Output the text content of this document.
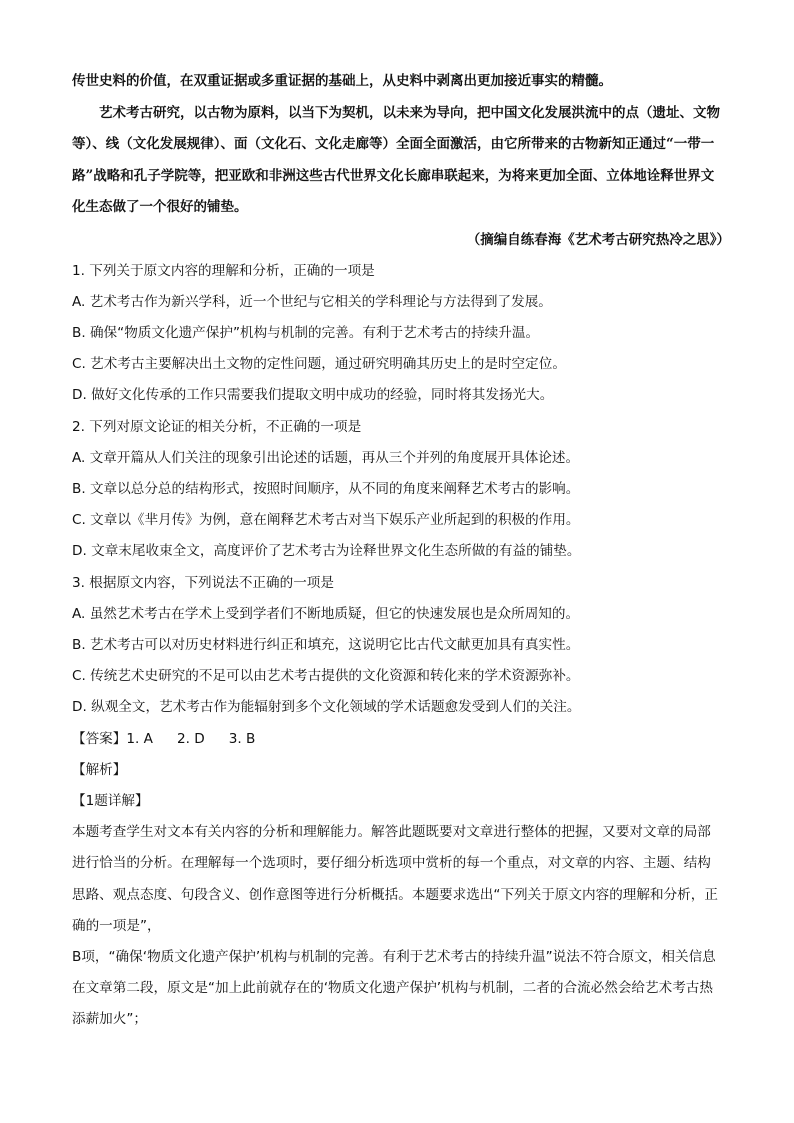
传世史料的价值，在双重证据或多重证据的基础上，从史料中剥离出更加接近事实的精髓。

艺术考古研究，以古物为原料，以当下为契机，以未来为导向，把中国文化发展洪流中的点（遗址、文物等）、线（文化发展规律）、面（文化石、文化走廊等）全面全面激活，由它所带来的古物新知正通过“一带一路”战略和孔子学院等，把亚欧和非洲这些古代世界文化长廊串联起来，为将来更加全面、立体地诠释世界文化生态做了一个很好的铺垫。

（摘编自练春海《艺术考古研究热冷之思》）

1. 下列关于原文内容的理解和分析，正确的一项是

A. 艺术考古作为新兴学科，近一个世纪与它相关的学科理论与方法得到了发展。

B. 确保“物质文化遗产保护”机构与机制的完善。有利于艺术考古的持续升温。

C. 艺术考古主要解决出土文物的定性问题，通过研究明确其历史上的是时空定位。

D. 做好文化传承的工作只需要我们提取文明中成功的经验，同时将其发扬光大。

2. 下列对原文论证的相关分析，不正确的一项是

A. 文章开篇从人们关注的现象引出论述的话题，再从三个并列的角度展开具体论述。

B. 文章以总分总的结构形式，按照时间顺序，从不同的角度来阐释艺术考古的影响。

C. 文章以《芈月传》为例，意在阐释艺术考古对当下娱乐产业所起到的积极的作用。

D. 文章末尾收束全文，高度评价了艺术考古为诠释世界文化生态所做的有益的铺垫。

3. 根据原文内容，下列说法不正确的一项是

A. 虽然艺术考古在学术上受到学者们不断地质疑，但它的快速发展也是众所周知的。

B. 艺术考古可以对历史材料进行纠正和填充，这说明它比古代文献更加具有真实性。

C. 传统艺术史研究的不足可以由艺术考古提供的文化资源和转化来的学术资源弥补。

D. 纵观全文，艺术考古作为能辐射到多个文化领域的学术话题愈发受到人们的关注。

【答案】1. A 2. D 3. B

【解析】

【1题详解】

本题考查学生对文本有关内容的分析和理解能力。解答此题既要对文章进行整体的把握，又要对文章的局部进行恰当的分析。在理解每一个选项时，要仔细分析选项中赏析的每一个重点，对文章的内容、主题、结构思路、观点态度、句段含义、创作意图等进行分析概括。本题要求选出“下列关于原文内容的理解和分析，正确的一项是”，

B项，“确保‘物质文化遗产保护’机构与机制的完善。有利于艺术考古的持续升温”说法不符合原文，相关信息在文章第二段，原文是“加上此前就存在的‘物质文化遗产保护’机构与机制，二者的合流必然会给艺术考古热添薪加火”；
